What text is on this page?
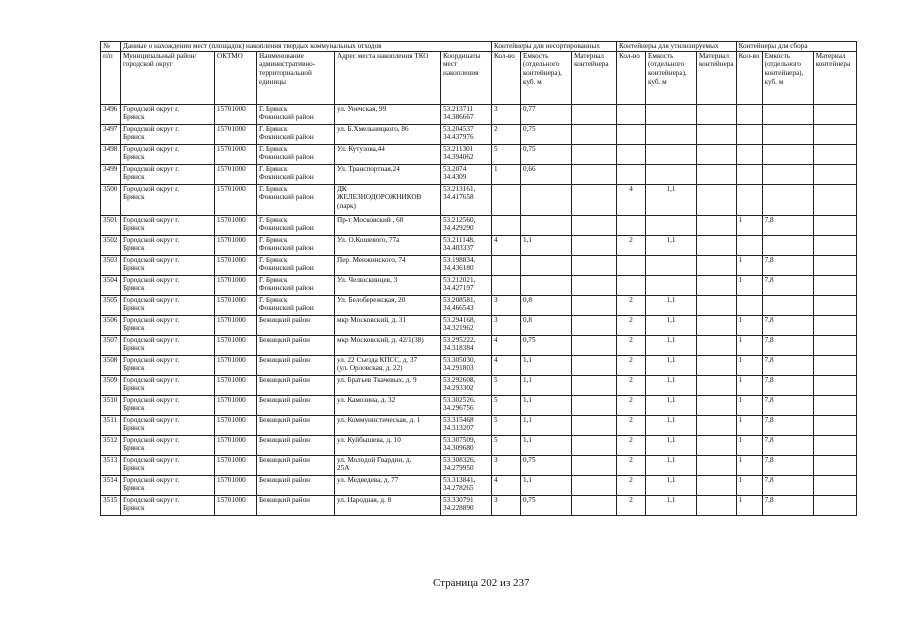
№	Данные о нахождении мест (площадок) накопления твердых коммунальных отходов					Контейнеры для несортированных			Контейнеры для утилизируемых			Контейнеры для сбора		
п/п	Муниципальный район/городской округ	ОКТМО	Наименование административно-территориальной единицы	Адрес места накопления ТКО	Координаты мест накопления	Кол-во	Емкость (отдельного контейнера), куб. м	Материал контейнера	Кол-во	Емкость (отдельного контейнера), куб. м	Материал контейнера	Кол-во	Емкость (отдельного контейнера), куб. м	Материал контейнера

3496	Городской округ г.
Брянск	15701000	Г. Брянск
Фокинский район	ул. Унечская, 99	53.213711
34.386667	3	0,77							

3497	Городской округ г.
Брянск	15701000	Г. Брянск
Фокинский район	ул. Б.Хмельницкого, 86	53.204537
34.437976	2	0,75							

3498	Городской округ г.
Брянск	15701000	Г. Брянск
Фокинский район	Ул. Кутузова,44	53.211301
34.394062	5	0,75							

3499	Городской округ г.
Брянск	15701000	Г. Брянск
Фокинский район	Ул. Транспортная,24	53.2074
34.4309	1	0,66							

3500	Городской округ г.
Брянск	15701000	Г. Брянск
Фокинский район	ДК
ЖЕЛЕЗНОДОРОЖНИКОВ
(парк)	53.213161,
34.417658				4	1,1				

3501	Городской округ г.
Брянск	15701000	Г. Брянск
Фокинский район	Пр-т Московский , 68	53.212560,
34.429290							1	7,8	

3502	Городской округ г.
Брянск	15701000	Г. Брянск
Фокинский район	Ул. О.Кошевого, 77а	53.211148,
34.403337	4	1,1		2	1,1				

3503	Городской округ г.
Брянск	15701000	Г. Брянск
Фокинский район	Пер. Менжинского, 74	53.198834,
34.436180							1	7,8	

3504	Городской округ г.
Брянск	15701000	Г. Брянск
Фокинский район	Ул. Челюскинцев, 3	53.212021,
34.427197							1	7,8	

3505	Городской округ г.
Брянск	15701000	Г. Брянск
Фокинский район	Ул. Белобережская, 20	53.208581,
34.466543	3	0,8		2	1,1				

3506	Городской округ г.
Брянск	15701000	Бежицкий район	мкр Московский, д. 31	53.294168,
34.321962	3	0,8		2	1,1		1	7,8	

3507	Городской округ г.
Брянск	15701000	Бежицкий район	мкр Московский, д. 42/1(38)	53.295222,
34.318384	4	0,75		2	1,1		1	7,8	

3508	Городской округ г.
Брянск	15701000	Бежицкий район	ул. 22 Съезда КПСС, д. 37
(ул. Орловская, д. 22)	53.305030,
34.291803	4	1,1		2	1,1		1	7,8	

3509	Городской округ г.
Брянск	15701000	Бежицкий район	ул. Братьев Ткачевых, д. 9	53.292608,
34.293302	5	1,1		2	1,1		1	7,8	

3510	Городской округ г.
Брянск	15701000	Бежицкий район	ул. Камозина, д. 32	53.302526,
34.296756	5	1,1		2	1,1		1	7,8	

3511	Городской округ г.
Брянск	15701000	Бежицкий район	ул. Коммунистическая, д. 1	53.315468
34.313207	5	1,1		2	1,1		1	7,8	

3512	Городской округ г.
Брянск	15701000	Бежицкий район	ул. Куйбышева, д. 10	53.307509,
34.309680	5	1,1		2	1,1		1	7,8	

3513	Городской округ г.
Брянск	15701000	Бежицкий район	ул. Молодой Гвардии, д.
25А	53.308326,
34.279950	3	0,75		2	1,1		1	7,8	

3514	Городской округ г.
Брянск	15701000	Бежицкий район	ул. Медведева, д. 77	53.313841,
34.278265	4	1,1		2	1,1		1	7,8	

3515	Городской округ г.
Брянск	15701000	Бежицкий район	ул. Народная, д. 8	53.330791
34.228890	3	0,75		2	1,1		1	7,8	

Страница 202 из 237
